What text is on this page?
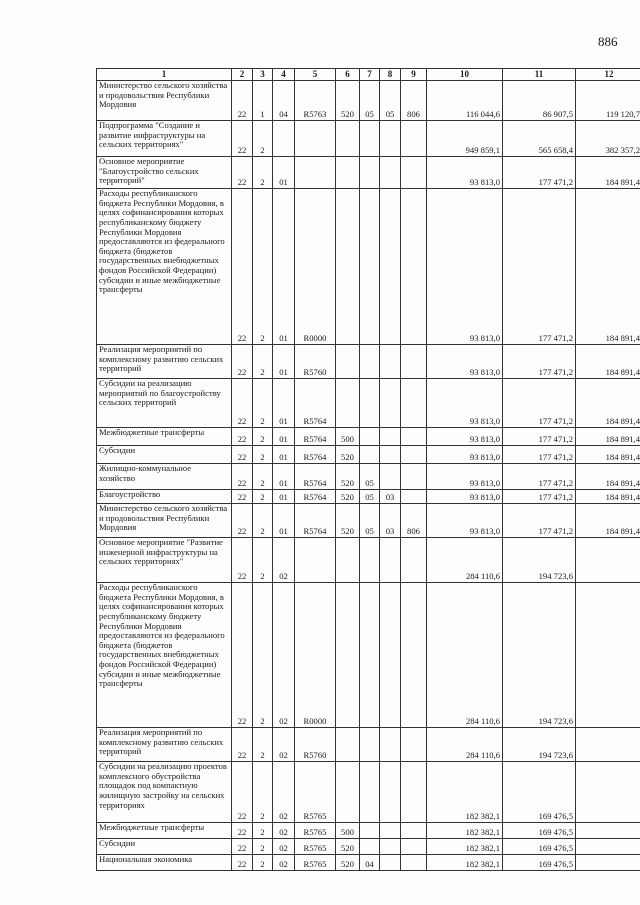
886
1	2	3	4	5	6	7	8	9	10	11	12
Министерство сельского хозяйства и продовольствия Республики Мордовия	22	1	04	R5763	520	05	05	806	116 044,6	86 907,5	119 120,7
Подпрограмма "Создание и развитие инфраструктуры на сельских территориях"	22	2							949 859,1	565 658,4	382 357,2
Основное мероприятие "Благоустройство сельских территорий"	22	2	01						93 813,0	177 471,2	184 891,4
Расходы республиканского бюджета Республики Мордовия, в целях софинансирования которых республиканскому бюджету Республики Мордовия предоставляются из федерального бюджета (бюджетов государственных внебюджетных фондов Российской Федерации) субсидии и иные межбюджетные трансферты	22	2	01	R0000					93 813,0	177 471,2	184 891,4
Реализация мероприятий по комплексному развитию сельских территорий	22	2	01	R5760					93 813,0	177 471,2	184 891,4
Субсидии на реализацию мероприятий по благоустройству сельских территорий	22	2	01	R5764					93 813,0	177 471,2	184 891,4
Межбюджетные трансферты	22	2	01	R5764	500				93 813,0	177 471,2	184 891,4
Субсидии	22	2	01	R5764	520				93 813,0	177 471,2	184 891,4
Жилищно-коммунальное хозяйство	22	2	01	R5764	520	05			93 813,0	177 471,2	184 891,4
Благоустройство	22	2	01	R5764	520	05	03		93 813,0	177 471,2	184 891,4
Министерство сельского хозяйства и продовольствия Республики Мордовия	22	2	01	R5764	520	05	03	806	93 813,0	177 471,2	184 891,4
Основное мероприятие "Развитие инженерной инфраструктуры на сельских территориях"	22	2	02						284 110,6	194 723,6	
Расходы республиканского бюджета Республики Мордовия, в целях софинансирования которых республиканскому бюджету Республики Мордовия предоставляются из федерального бюджета (бюджетов государственных внебюджетных фондов Российской Федерации) субсидии и иные межбюджетные трансферты	22	2	02	R0000					284 110,6	194 723,6	
Реализация мероприятий по комплексному развитию сельских территорий	22	2	02	R5760					284 110,6	194 723,6	
Субсидии на реализацию проектов комплексного обустройства площадок под компактную жилищную застройку на сельских территориях	22	2	02	R5765					182 382,1	169 476,5	
Межбюджетные трансферты	22	2	02	R5765	500				182 382,1	169 476,5	
Субсидии	22	2	02	R5765	520				182 382,1	169 476,5	
Национальная экономика	22	2	02	R5765	520	04			182 382,1	169 476,5	
